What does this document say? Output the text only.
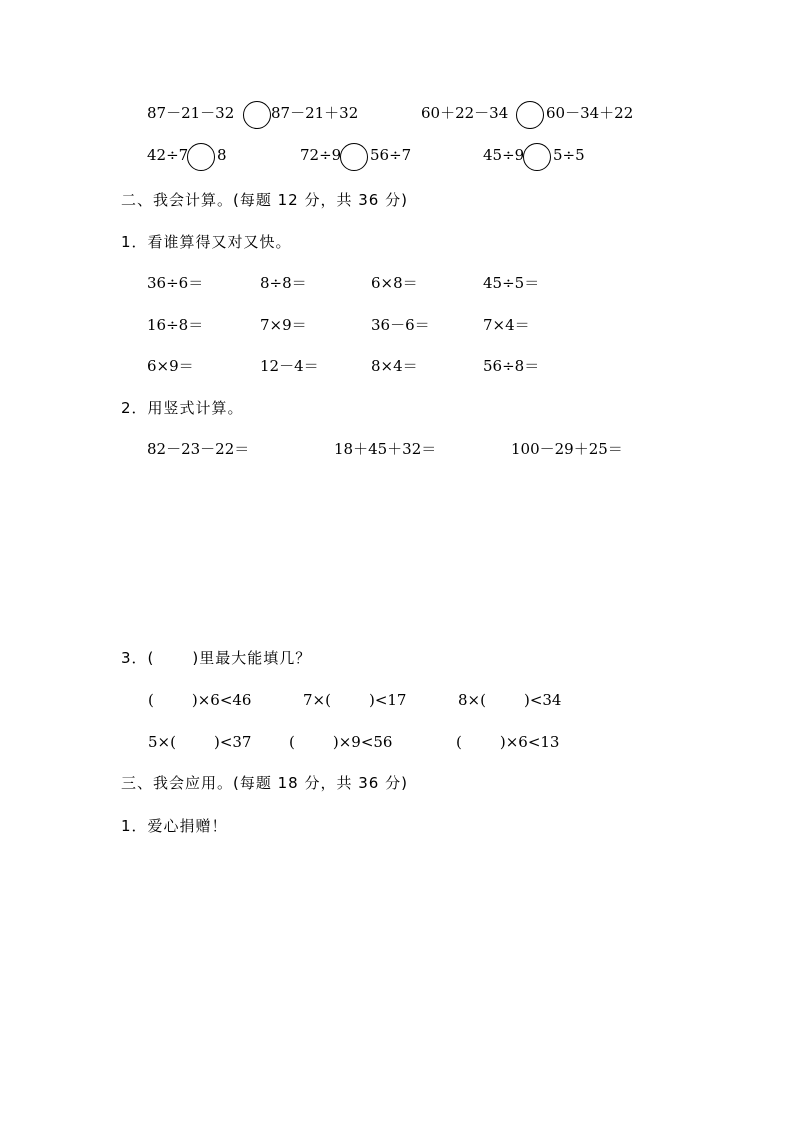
87－21－32 87－21＋32	60＋22－34	60－34＋22
42÷7 8	72÷9 56÷7	45÷9 5÷5
二、我会计算。(每题 12 分，共 36 分)
1．看谁算得又对又快。
36÷6＝	8÷8＝	6×8＝	45÷5＝
16÷8＝	7×9＝	36－6＝	7×4＝
6×9＝	12－4＝	8×4＝	56÷8＝
2．用竖式计算。
82－23－22＝	18＋45＋32＝	100－29＋25＝
3．(	)里最大能填几？
(	)×6<46	7×(	)<17	8×(	)<34
5×(	)<37	(	)×9<56	(	)×6<13
三、我会应用。(每题 18 分，共 36 分)
1．爱心捐赠！
